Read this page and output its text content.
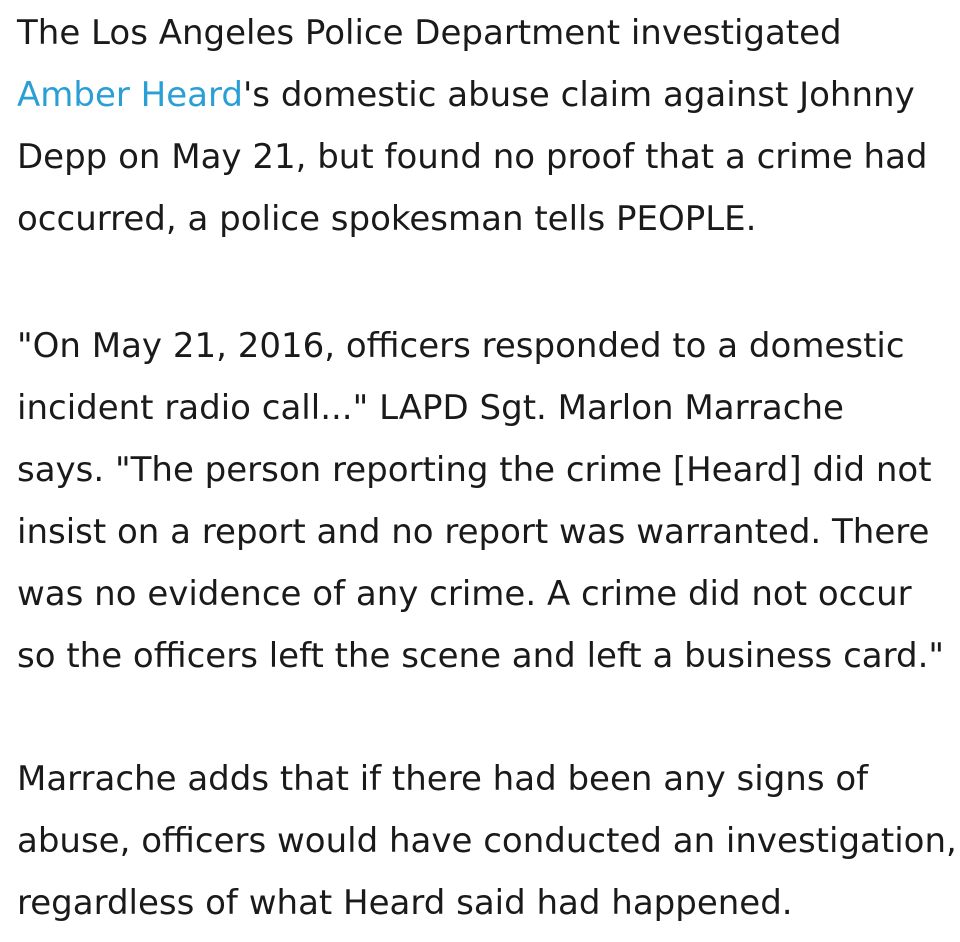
The Los Angeles Police Department investigated
Amber Heard's domestic abuse claim against Johnny
Depp on May 21, but found no proof that a crime had
occurred, a police spokesman tells PEOPLE.

"On May 21, 2016, officers responded to a domestic
incident radio call..." LAPD Sgt. Marlon Marrache
says. "The person reporting the crime [Heard] did not
insist on a report and no report was warranted. There
was no evidence of any crime. A crime did not occur
so the officers left the scene and left a business card."

Marrache adds that if there had been any signs of
abuse, officers would have conducted an investigation,
regardless of what Heard said had happened.
